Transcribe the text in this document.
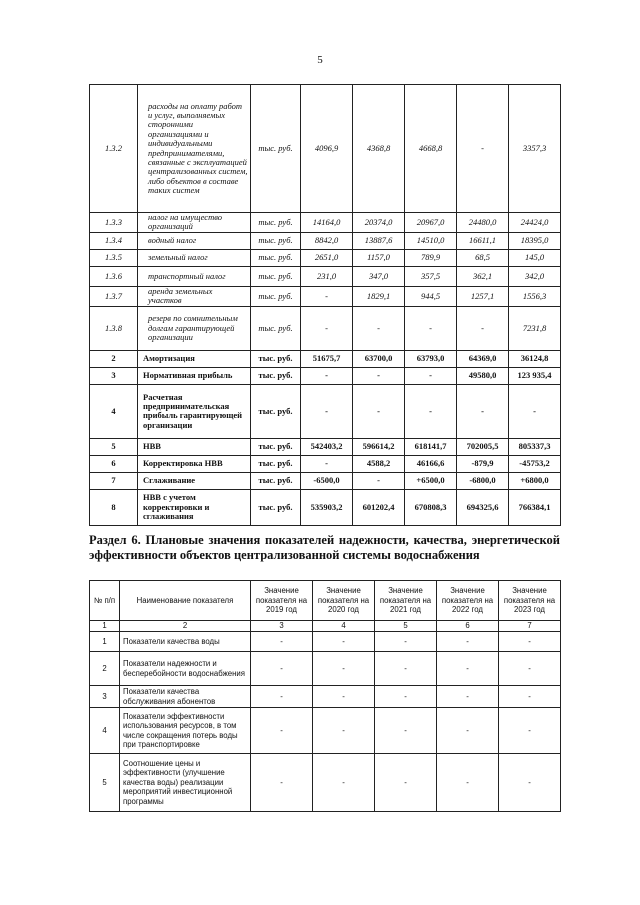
5
1.3.2	расходы на оплату работ и услуг, выполняемых сторонними организациями и индивидуальными предпринимателями, связанные с эксплуатацией централизованных систем, либо объектов в составе таких систем	тыс. руб.	4096,9	4368,8	4668,8	-	3357,3
1.3.3	налог на имущество организаций	тыс. руб.	14164,0	20374,0	20967,0	24480,0	24424,0
1.3.4	водный налог	тыс. руб.	8842,0	13887,6	14510,0	16611,1	18395,0
1.3.5	земельный налог	тыс. руб.	2651,0	1157,0	789,9	68,5	145,0
1.3.6	транспортный налог	тыс. руб.	231,0	347,0	357,5	362,1	342,0
1.3.7	аренда земельных участков	тыс. руб.	-	1829,1	944,5	1257,1	1556,3
1.3.8	резерв по сомнительным долгам гарантирующей организации	тыс. руб.	-	-	-	-	7231,8
2	Амортизация	тыс. руб.	51675,7	63700,0	63793,0	64369,0	36124,8
3	Нормативная прибыль	тыс. руб.	-	-	-	49580,0	123 935,4
4	Расчетная предпринимательская прибыль гарантирующей организации	тыс. руб.	-	-	-	-	-
5	НВВ	тыс. руб.	542403,2	596614,2	618141,7	702005,5	805337,3
6	Корректировка НВВ	тыс. руб.	-	4588,2	46166,6	-879,9	-45753,2
7	Сглаживание	тыс. руб.	-6500,0	-	+6500,0	-6800,0	+6800,0
8	НВВ с учетом корректировки и сглаживания	тыс. руб.	535903,2	601202,4	670808,3	694325,6	766384,1
Раздел 6. Плановые значения показателей надежности, качества, энергетической эффективности объектов централизованной системы водоснабжения
№ п/п	Наименование показателя	Значение показателя на 2019 год	Значение показателя на 2020 год	Значение показателя на 2021 год	Значение показателя на 2022 год	Значение показателя на 2023 год
1	2	3	4	5	6	7
1	Показатели качества воды	-	-	-	-	-
2	Показатели надежности и бесперебойности водоснабжения	-	-	-	-	-
3	Показатели качества обслуживания абонентов	-	-	-	-	-
4	Показатели эффективности использования ресурсов, в том числе сокращения потерь воды при транспортировке	-	-	-	-	-
5	Соотношение цены и эффективности (улучшение качества воды) реализации мероприятий инвестиционной программы	-	-	-	-	-
